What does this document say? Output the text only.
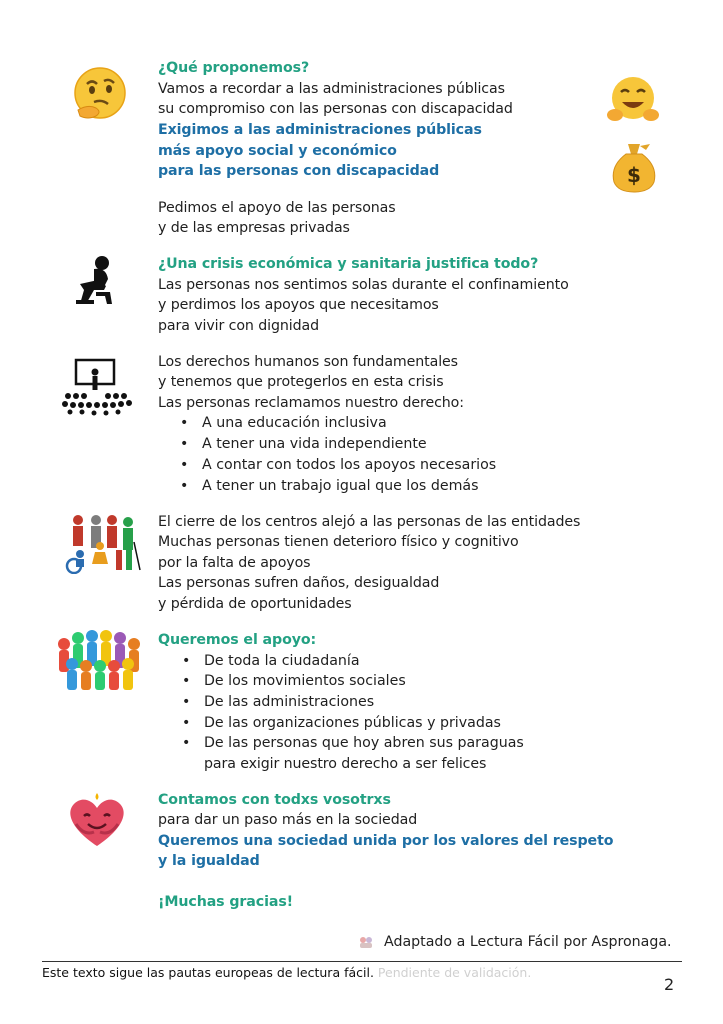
$
¿Qué proponemos?
Vamos a recordar a las administraciones públicas
su compromiso con las personas con discapacidad
Exigimos a las administraciones públicas
más apoyo social y económico
para las personas con discapacidad
Pedimos el apoyo de las personas
y de las empresas privadas
¿Una crisis económica y sanitaria justifica todo?
Las personas nos sentimos solas durante el confinamiento
y perdimos los apoyos que necesitamos
para vivir con dignidad
Los derechos humanos son fundamentales
y tenemos que protegerlos en esta crisis
Las personas reclamamos nuestro derecho:
• A una educación inclusiva
• A tener una vida independiente
• A contar con todos los apoyos necesarios
• A tener un trabajo igual que los demás
El cierre de los centros alejó a las personas de las entidades
Muchas personas tienen deterioro físico y cognitivo
por la falta de apoyos
Las personas sufren daños, desigualdad
y pérdida de oportunidades
Queremos el apoyo:
• De toda la ciudadanía
• De los movimientos sociales
• De las administraciones
• De las organizaciones públicas y privadas
• De las personas que hoy abren sus paraguas
para exigir nuestro derecho a ser felices
Contamos con todxs vosotrxs
para dar un paso más en la sociedad
Queremos una sociedad unida por los valores del respeto
y la igualdad
¡Muchas gracias!
Adaptado a Lectura Fácil por Aspronaga.
Este texto sigue las pautas europeas de lectura fácil. Pendiente de validación.
2
